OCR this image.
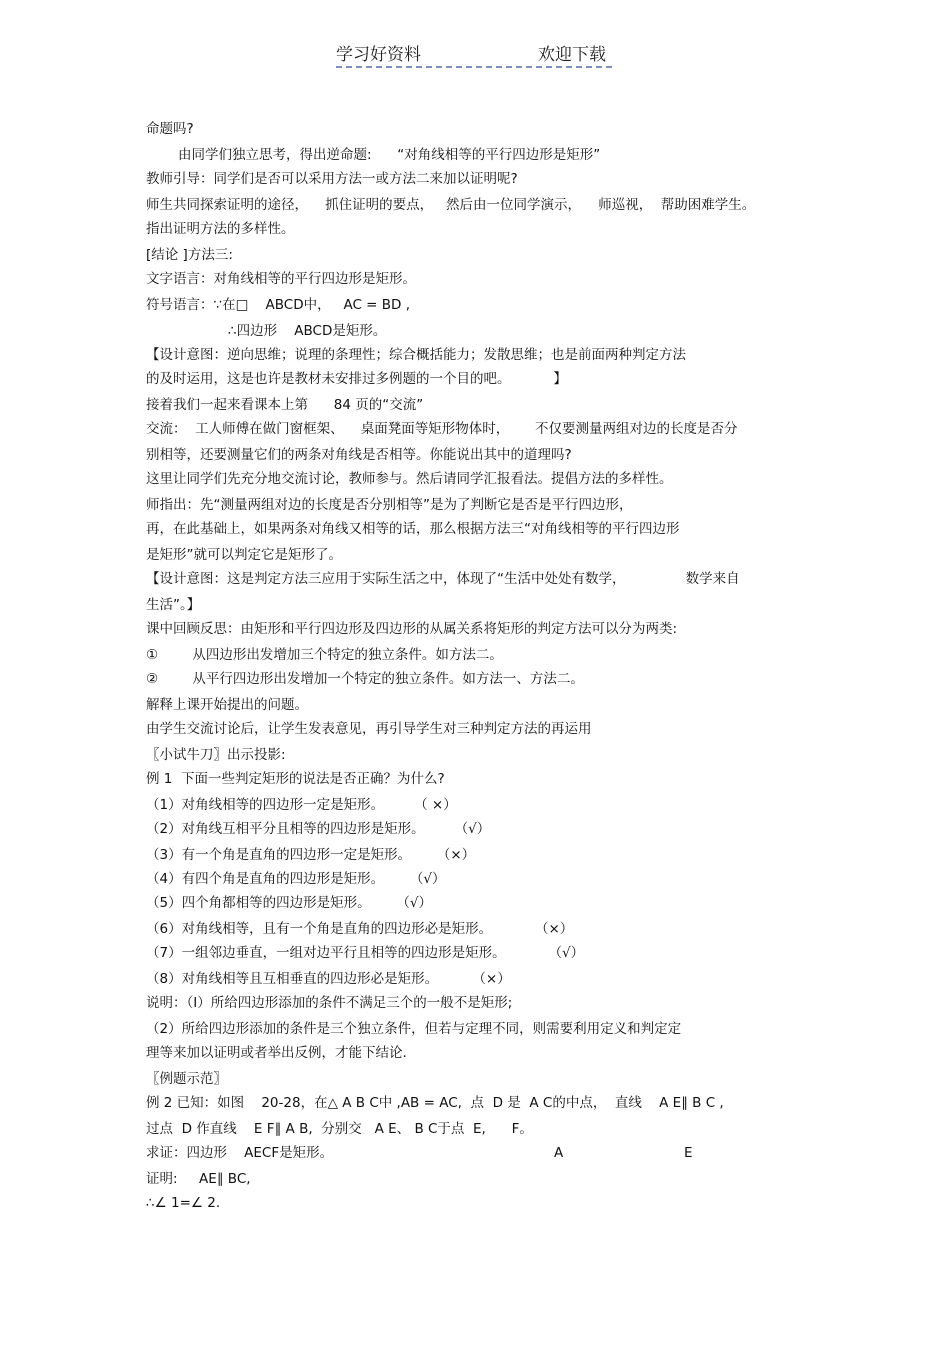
学习好资料	欢迎下载
命题吗?
由同学们独立思考，得出逆命题:      “对角线相等的平行四边形是矩形”
教师引导：同学们是否可以采用方法一或方法二来加以证明呢?
师生共同探索证明的途径，    抓住证明的要点，   然后由一位同学演示，    师巡视，  帮助困难学生。
指出证明方法的多样性。
[结论 ]方法三:
文字语言：对角线相等的平行四边形是矩形。
符号语言：∵在□    ABCD中，   AC = BD ,
∴四边形    ABCD是矩形。
【设计意图：逆向思维；说理的条理性；综合概括能力；发散思维；也是前面两种判定方法
的及时运用，这是也许是教材未安排过多例题的一个目的吧。          】
接着我们一起来看课本上第      84 页的“交流”
交流：  工人师傅在做门窗框架、    桌面凳面等矩形物体时，      不仅要测量两组对边的长度是否分
别相等，还要测量它们的两条对角线是否相等。你能说出其中的道理吗?
这里让同学们先充分地交流讨论，教师参与。然后请同学汇报看法。提倡方法的多样性。
师指出：先“测量两组对边的长度是否分别相等”是为了判断它是否是平行四边形，
再，在此基础上，如果两条对角线又相等的话，那么根据方法三“对角线相等的平行四边形
是矩形”就可以判定它是矩形了。
【设计意图：这是判定方法三应用于实际生活之中，体现了“生活中处处有数学，              数学来自
生活”。】
课中回顾反思：由矩形和平行四边形及四边形的从属关系将矩形的判定方法可以分为两类:
①        从四边形出发增加三个特定的独立条件。如方法二。
②        从平行四边形出发增加一个特定的独立条件。如方法一、方法二。
解释上课开始提出的问题。
由学生交流讨论后，让学生发表意见，再引导学生对三种判定方法的再运用
〖小试牛刀〗出示投影:
例 1  下面一些判定矩形的说法是否正确？为什么?
（1）对角线相等的四边形一定是矩形。       （ ×）
（2）对角线互相平分且相等的四边形是矩形。       （√）
（3）有一个角是直角的四边形一定是矩形。      （×）
（4）有四个角是直角的四边形是矩形。      （√）
（5）四个角都相等的四边形是矩形。      （√）
（6）对角线相等，且有一个角是直角的四边形必是矩形。          （×）
（7）一组邻边垂直，一组对边平行且相等的四边形是矩形。          （√）
（8）对角线相等且互相垂直的四边形必是矩形。        （×）
说明：（I）所给四边形添加的条件不满足三个的一般不是矩形;
（2）所给四边形添加的条件是三个独立条件，但若与定理不同，则需要利用定义和判定定
理等来加以证明或者举出反例，才能下结论.
〖例题示范〗
例 2 已知：如图    20-28，在△ A B C中 ,AB = AC,  点  D 是  A C的中点，  直线    A E∥ B C ,
过点  D 作直线    E F∥ A B,  分别交   A E、 B C于点  E,      F。
求证：四边形    AECF是矩形。
证明:     AE∥ BC,
∴∠ 1=∠ 2.
A	E
